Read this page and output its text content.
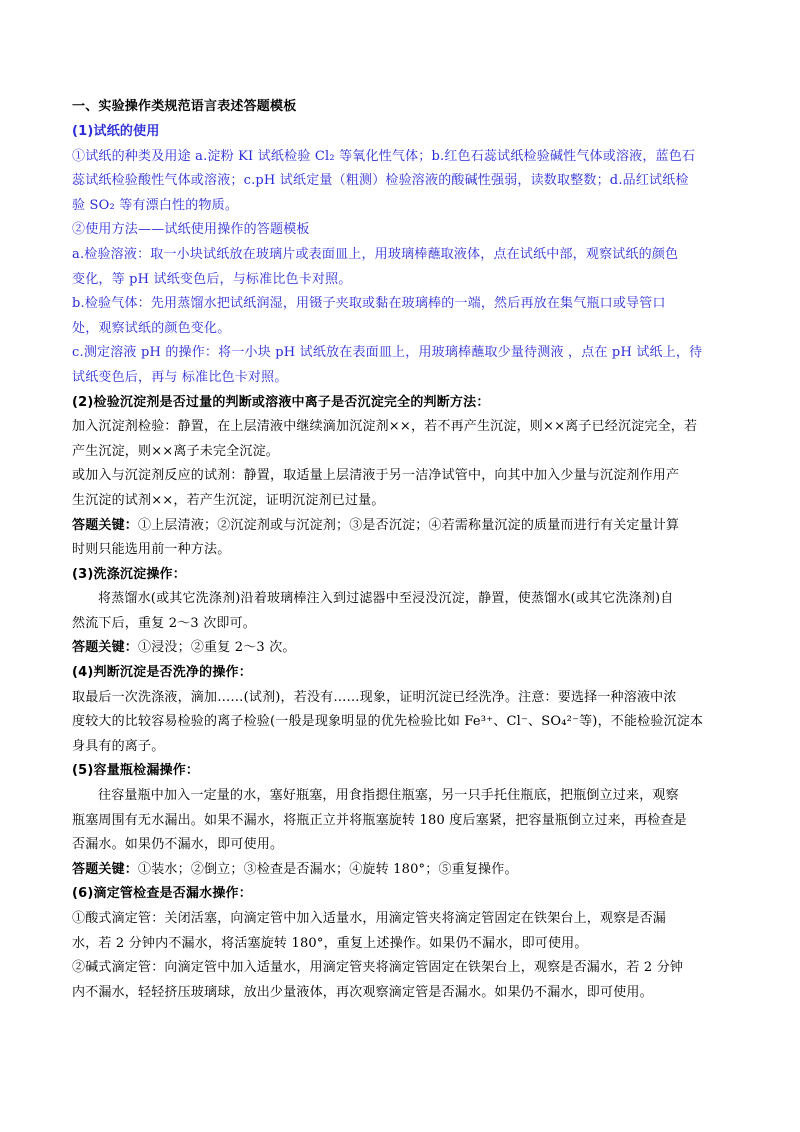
一、实验操作类规范语言表述答题模板
(1)试纸的使用
①试纸的种类及用途 a.淀粉 KI 试纸检验 Cl₂ 等氧化性气体；b.红色石蕊试纸检验碱性气体或溶液，蓝色石
蕊试纸检验酸性气体或溶液；c.pH 试纸定量（粗测）检验溶液的酸碱性强弱，读数取整数；d.品红试纸检
验 SO₂ 等有漂白性的物质。
②使用方法——试纸使用操作的答题模板
a.检验溶液：取一小块试纸放在玻璃片或表面皿上，用玻璃棒蘸取液体，点在试纸中部，观察试纸的颜色
变化，等 pH 试纸变色后，与标准比色卡对照。
b.检验气体：先用蒸馏水把试纸润湿，用镊子夹取或黏在玻璃棒的一端，然后再放在集气瓶口或导管口
处，观察试纸的颜色变化。
c.测定溶液 pH 的操作：将一小块 pH 试纸放在表面皿上，用玻璃棒蘸取少量待测液 ，点在 pH 试纸上，待
试纸变色后，再与 标准比色卡对照。
(2)检验沉淀剂是否过量的判断或溶液中离子是否沉淀完全的判断方法：
加入沉淀剂检验：静置，在上层清液中继续滴加沉淀剂××，若不再产生沉淀，则××离子已经沉淀完全，若
产生沉淀，则××离子未完全沉淀。
或加入与沉淀剂反应的试剂：静置，取适量上层清液于另一洁净试管中，向其中加入少量与沉淀剂作用产
生沉淀的试剂××，若产生沉淀，证明沉淀剂已过量。
答题关键：①上层清液；②沉淀剂或与沉淀剂；③是否沉淀；④若需称量沉淀的质量而进行有关定量计算
时则只能选用前一种方法。
(3)洗涤沉淀操作：
将蒸馏水(或其它洗涤剂)沿着玻璃棒注入到过滤器中至浸没沉淀，静置，使蒸馏水(或其它洗涤剂)自
然流下后，重复 2～3 次即可。
答题关键：①浸没；②重复 2～3 次。
(4)判断沉淀是否洗净的操作：
取最后一次洗涤液，滴加……(试剂)，若没有……现象，证明沉淀已经洗净。注意：要选择一种溶液中浓
度较大的比较容易检验的离子检验(一般是现象明显的优先检验比如 Fe³⁺、Cl⁻、SO₄²⁻等)，不能检验沉淀本
身具有的离子。
(5)容量瓶检漏操作：
往容量瓶中加入一定量的水，塞好瓶塞，用食指摁住瓶塞，另一只手托住瓶底，把瓶倒立过来，观察
瓶塞周围有无水漏出。如果不漏水，将瓶正立并将瓶塞旋转 180 度后塞紧，把容量瓶倒立过来，再检查是
否漏水。如果仍不漏水，即可使用。
答题关键：①装水；②倒立；③检查是否漏水；④旋转 180°；⑤重复操作。
(6)滴定管检查是否漏水操作：
①酸式滴定管：关闭活塞，向滴定管中加入适量水，用滴定管夹将滴定管固定在铁架台上，观察是否漏
水，若 2 分钟内不漏水，将活塞旋转 180°，重复上述操作。如果仍不漏水，即可使用。
②碱式滴定管：向滴定管中加入适量水，用滴定管夹将滴定管固定在铁架台上，观察是否漏水，若 2 分钟
内不漏水，轻轻挤压玻璃球，放出少量液体，再次观察滴定管是否漏水。如果仍不漏水，即可使用。
